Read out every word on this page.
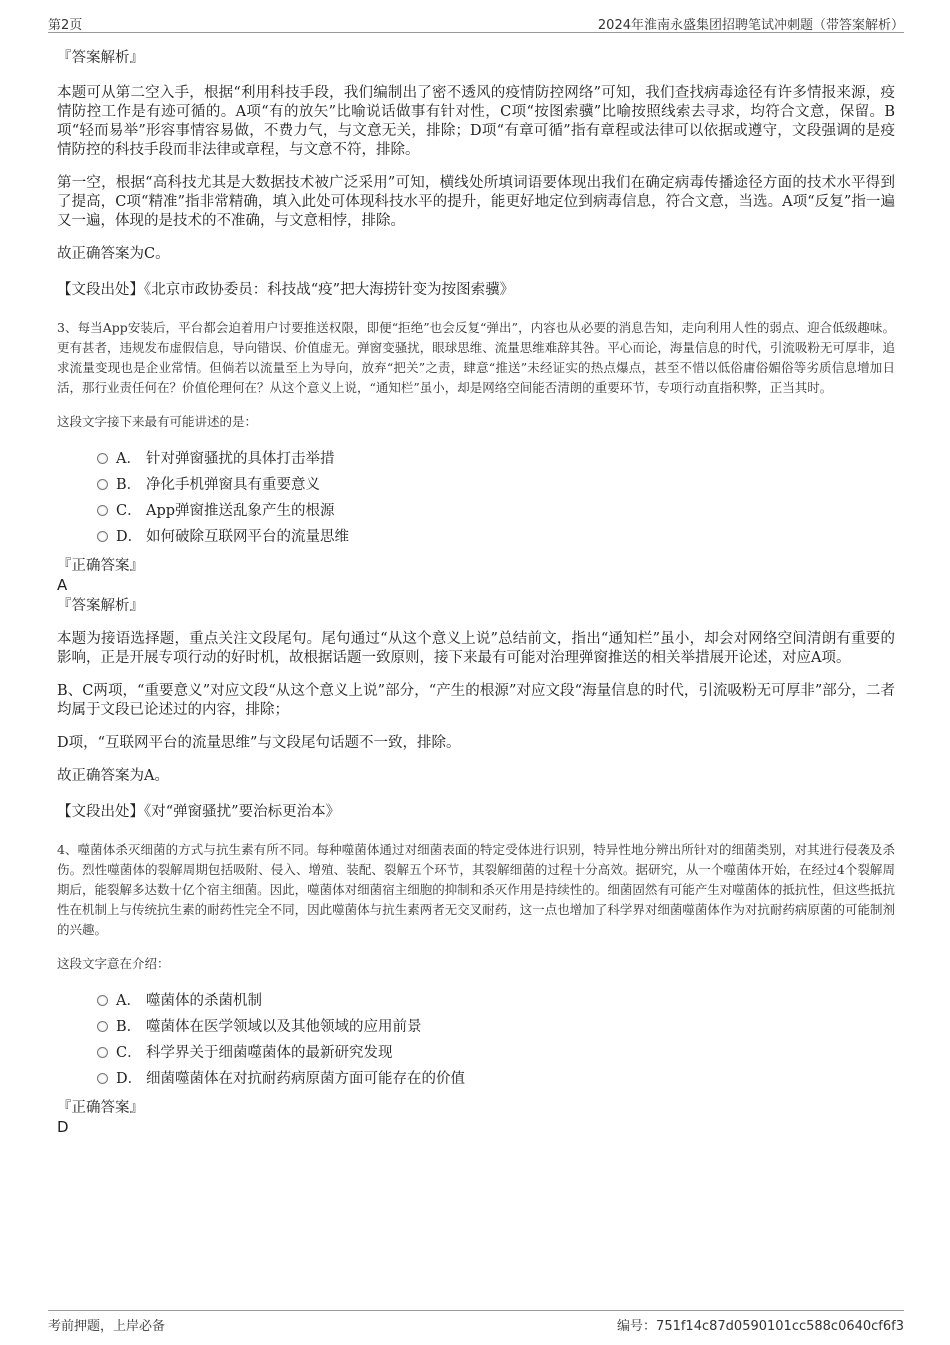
第2页	2024年淮南永盛集团招聘笔试冲刺题（带答案解析）
『答案解析』

本题可从第二空入手，根据“利用科技手段，我们编制出了密不透风的疫情防控网络”可知，我们查找病毒途径有许多情报来源，疫情防控工作是有迹可循的。A项“有的放矢”比喻说话做事有针对性，C项“按图索骥”比喻按照线索去寻求，均符合文意，保留。B项“轻而易举”形容事情容易做，不费力气，与文意无关，排除；D项“有章可循”指有章程或法律可以依据或遵守，文段强调的是疫情防控的科技手段而非法律或章程，与文意不符，排除。

第一空，根据“高科技尤其是大数据技术被广泛采用”可知，横线处所填词语要体现出我们在确定病毒传播途径方面的技术水平得到了提高，C项“精准”指非常精确，填入此处可体现科技水平的提升，能更好地定位到病毒信息，符合文意，当选。A项“反复”指一遍又一遍，体现的是技术的不准确，与文意相悖，排除。

故正确答案为C。

【文段出处】《北京市政协委员：科技战“疫”把大海捞针变为按图索骥》

3、每当App安装后，平台都会迫着用户讨要推送权限，即便“拒绝”也会反复“弹出”，内容也从必要的消息告知，走向利用人性的弱点、迎合低级趣味。更有甚者，违规发布虚假信息，导向错误、价值虚无。弹窗变骚扰，眼球思维、流量思维难辞其咎。平心而论，海量信息的时代，引流吸粉无可厚非，追求流量变现也是企业常情。但倘若以流量至上为导向，放弃“把关”之责，肆意“推送”未经证实的热点爆点，甚至不惜以低俗庸俗媚俗等劣质信息增加日活，那行业责任何在？价值伦理何在？从这个意义上说，“通知栏”虽小，却是网络空间能否清朗的重要环节，专项行动直指积弊，正当其时。

这段文字接下来最有可能讲述的是：

A． 针对弹窗骚扰的具体打击举措
B． 净化手机弹窗具有重要意义
C． App弹窗推送乱象产生的根源
D． 如何破除互联网平台的流量思维
『正确答案』

A

『答案解析』

本题为接语选择题，重点关注文段尾句。尾句通过“从这个意义上说”总结前文，指出“通知栏”虽小，却会对网络空间清朗有重要的影响，正是开展专项行动的好时机，故根据话题一致原则，接下来最有可能对治理弹窗推送的相关举措展开论述，对应A项。

B、C两项，“重要意义”对应文段“从这个意义上说”部分，“产生的根源”对应文段“海量信息的时代，引流吸粉无可厚非”部分，二者均属于文段已论述过的内容，排除；

D项，“互联网平台的流量思维”与文段尾句话题不一致，排除。

故正确答案为A。

【文段出处】《对“弹窗骚扰”要治标更治本》

4、噬菌体杀灭细菌的方式与抗生素有所不同。每种噬菌体通过对细菌表面的特定受体进行识别，特异性地分辨出所针对的细菌类别，对其进行侵袭及杀伤。烈性噬菌体的裂解周期包括吸附、侵入、增殖、装配、裂解五个环节，其裂解细菌的过程十分高效。据研究，从一个噬菌体开始，在经过4个裂解周期后，能裂解多达数十亿个宿主细菌。因此，噬菌体对细菌宿主细胞的抑制和杀灭作用是持续性的。细菌固然有可能产生对噬菌体的抵抗性，但这些抵抗性在机制上与传统抗生素的耐药性完全不同，因此噬菌体与抗生素两者无交叉耐药，这一点也增加了科学界对细菌噬菌体作为对抗耐药病原菌的可能制剂的兴趣。

这段文字意在介绍：

A． 噬菌体的杀菌机制
B． 噬菌体在医学领域以及其他领域的应用前景
C． 科学界关于细菌噬菌体的最新研究发现
D． 细菌噬菌体在对抗耐药病原菌方面可能存在的价值
『正确答案』

D

考前押题，上岸必备	编号：751f14c87d0590101cc588c0640cf6f3
